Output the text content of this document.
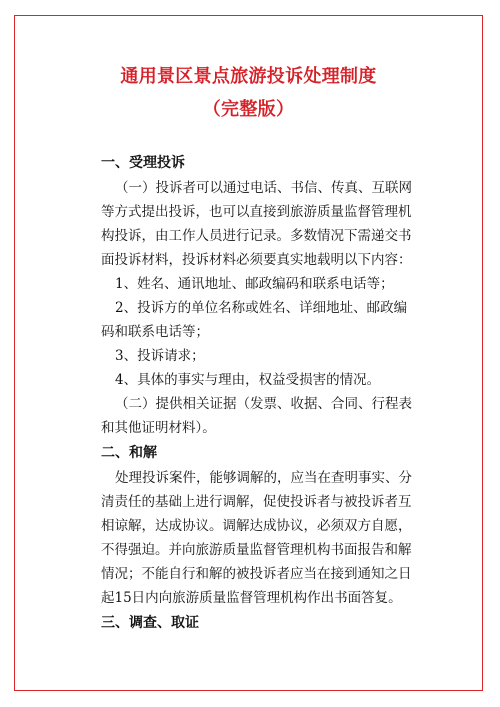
通用景区景点旅游投诉处理制度
（完整版）
一、受理投诉

（一）投诉者可以通过电话、书信、传真、互联网等方式提出投诉，也可以直接到旅游质量监督管理机构投诉，由工作人员进行记录。多数情况下需递交书面投诉材料，投诉材料必须要真实地载明以下内容：

1、姓名、通讯地址、邮政编码和联系电话等；

2、投诉方的单位名称或姓名、详细地址、邮政编码和联系电话等；

3、投诉请求；

4、具体的事实与理由，权益受损害的情况。

（二）提供相关证据（发票、收据、合同、行程表和其他证明材料）。

二、和解

处理投诉案件，能够调解的，应当在查明事实、分清责任的基础上进行调解，促使投诉者与被投诉者互相谅解，达成协议。调解达成协议，必须双方自愿，不得强迫。并向旅游质量监督管理机构书面报告和解情况；不能自行和解的被投诉者应当在接到通知之日起15日内向旅游质量监督管理机构作出书面答复。

三、调查、取证
